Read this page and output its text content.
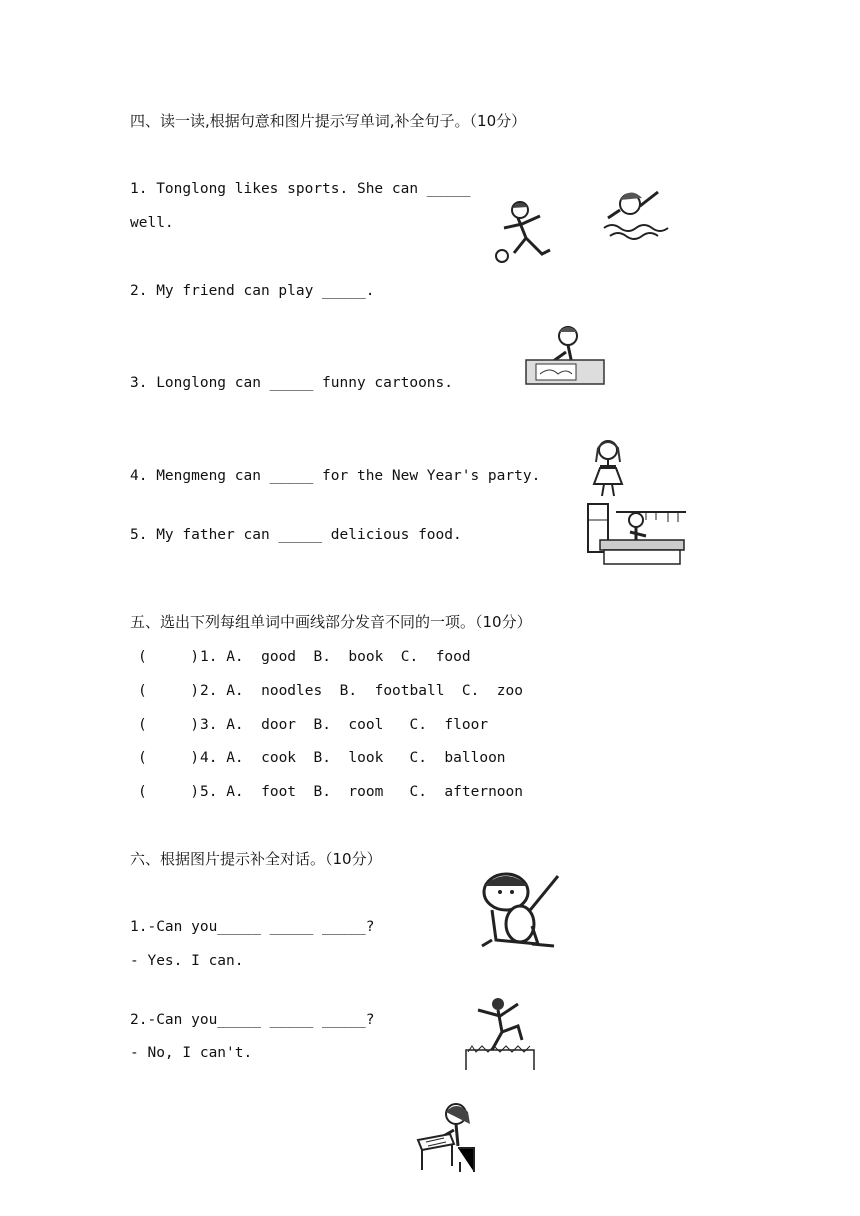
四、读一读,根据句意和图片提示写单词,补全句子。（10分）
1. Tonglong likes sports. She can _____
well.
2. My friend can play _____.
3. Longlong can _____ funny cartoons.
4. Mengmeng can _____ for the New Year's party.
5. My father can _____ delicious food.
五、选出下列每组单词中画线部分发音不同的一项。（10分）
(     ) 1. A.  good  B.  book  C.  food
(     ) 2. A.  noodles  B.  football  C.  zoo
(     ) 3. A.  door  B.  cool   C.  floor
(     ) 4. A.  cook  B.  look   C.  balloon
(     ) 5. A.  foot  B.  room   C.  afternoon
六、根据图片提示补全对话。（10分）
1.-Can you_____ _____ _____?
- Yes. I can.
2.-Can you_____ _____ _____?
- No, I can't.
